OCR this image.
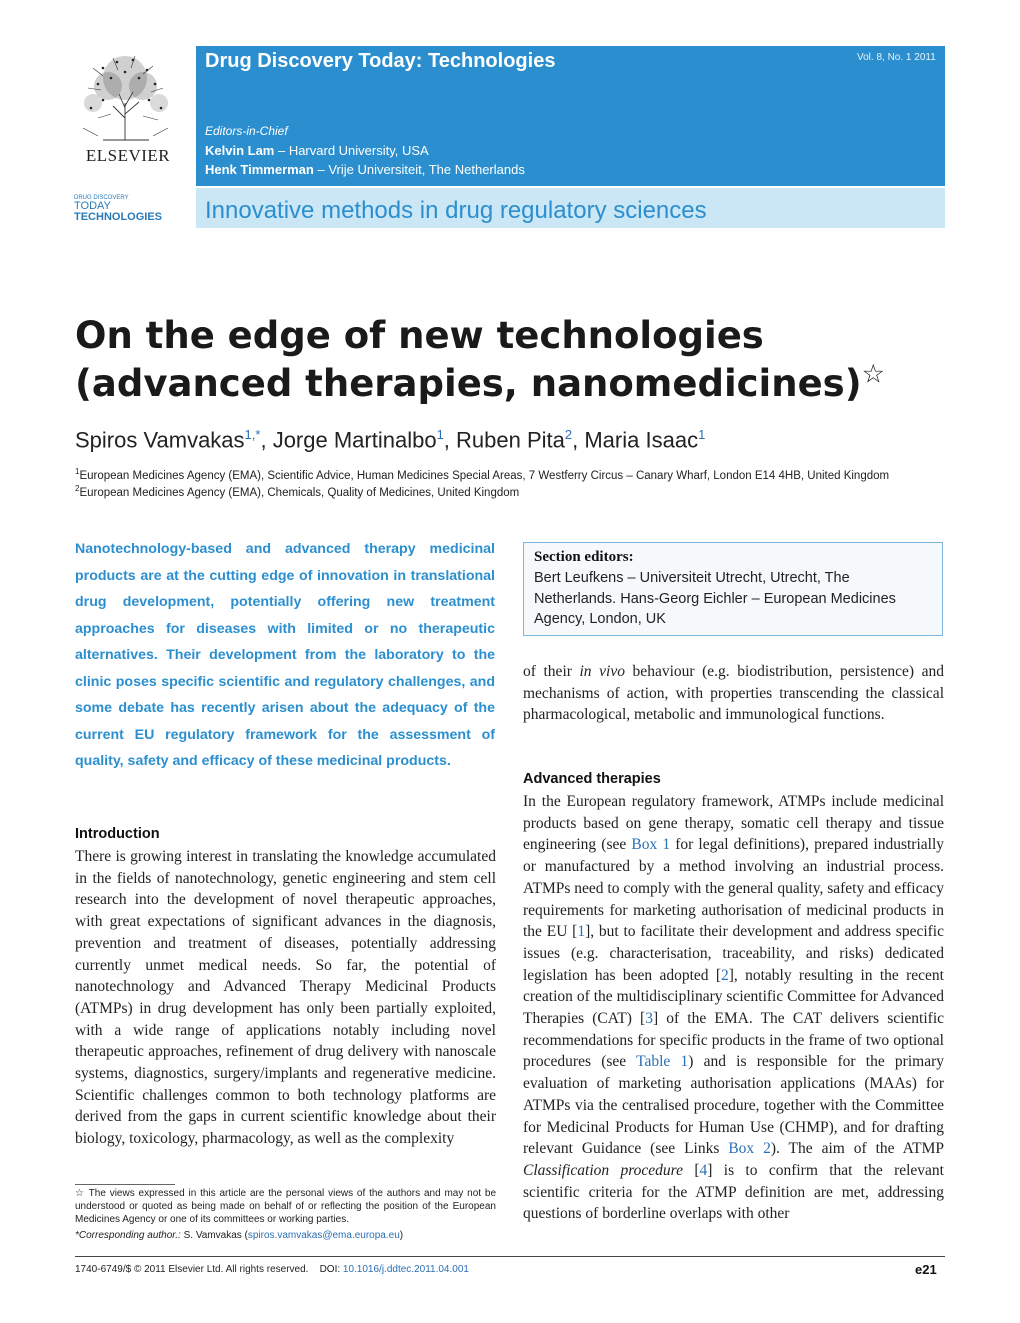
ELSEVIER
DRUG DISCOVERY
TODAY
TECHNOLOGIES
Drug Discovery Today: Technologies	Vol. 8, No. 1 2011
Editors-in-Chief
Kelvin Lam – Harvard University, USA
Henk Timmerman – Vrije Universiteit, The Netherlands
Innovative methods in drug regulatory sciences
On the edge of new technologies
(advanced therapies, nanomedicines)☆
Spiros Vamvakas$^{1,*}$, Jorge Martinalbo$^1$, Ruben Pita$^2$, Maria Isaac$^1$
$^1$European Medicines Agency (EMA), Scientific Advice, Human Medicines Special Areas, 7 Westferry Circus – Canary Wharf, London E14 4HB, United Kingdom
$^2$European Medicines Agency (EMA), Chemicals, Quality of Medicines, United Kingdom
Nanotechnology-based and advanced therapy medicinal products are at the cutting edge of innovation in translational drug development, potentially offering new treatment approaches for diseases with limited or no therapeutic alternatives. Their development from the laboratory to the clinic poses specific scientific and regulatory challenges, and some debate has recently arisen about the adequacy of the current EU regulatory framework for the assessment of quality, safety and efficacy of these medicinal products.
Section editors:
Bert Leufkens – Universiteit Utrecht, Utrecht, The Netherlands. Hans-Georg Eichler – European Medicines Agency, London, UK
Introduction
There is growing interest in translating the knowledge accumulated in the fields of nanotechnology, genetic engineering and stem cell research into the development of novel therapeutic approaches, with great expectations of significant advances in the diagnosis, prevention and treatment of diseases, potentially addressing currently unmet medical needs. So far, the potential of nanotechnology and Advanced Therapy Medicinal Products (ATMPs) in drug development has only been partially exploited, with a wide range of applications notably including novel therapeutic approaches, refinement of drug delivery with nanoscale systems, diagnostics, surgery/implants and regenerative medicine. Scientific challenges common to both technology platforms are derived from the gaps in current scientific knowledge about their biology, toxicology, pharmacology, as well as the complexity
of their in vivo behaviour (e.g. biodistribution, persistence) and mechanisms of action, with properties transcending the classical pharmacological, metabolic and immunological functions.
Advanced therapies
In the European regulatory framework, ATMPs include medicinal products based on gene therapy, somatic cell therapy and tissue engineering (see Box 1 for legal definitions), prepared industrially or manufactured by a method involving an industrial process. ATMPs need to comply with the general quality, safety and efficacy requirements for marketing authorisation of medicinal products in the EU [1], but to facilitate their development and address specific issues (e.g. characterisation, traceability, and risks) dedicated legislation has been adopted [2], notably resulting in the recent creation of the multidisciplinary scientific Committee for Advanced Therapies (CAT) [3] of the EMA. The CAT delivers scientific recommendations for specific products in the frame of two optional procedures (see Table 1) and is responsible for the primary evaluation of marketing authorisation applications (MAAs) for ATMPs via the centralised procedure, together with the Committee for Medicinal Products for Human Use (CHMP), and for drafting relevant Guidance (see Links Box 2). The aim of the ATMP Classification procedure [4] is to confirm that the relevant scientific criteria for the ATMP definition are met, addressing questions of borderline overlaps with other
☆ The views expressed in this article are the personal views of the authors and may not be understood or quoted as being made on behalf of or reflecting the position of the European Medicines Agency or one of its committees or working parties.
*Corresponding author.: S. Vamvakas (spiros.vamvakas@ema.europa.eu)
1740-6749/$ © 2011 Elsevier Ltd. All rights reserved. DOI: 10.1016/j.ddtec.2011.04.001	e21
